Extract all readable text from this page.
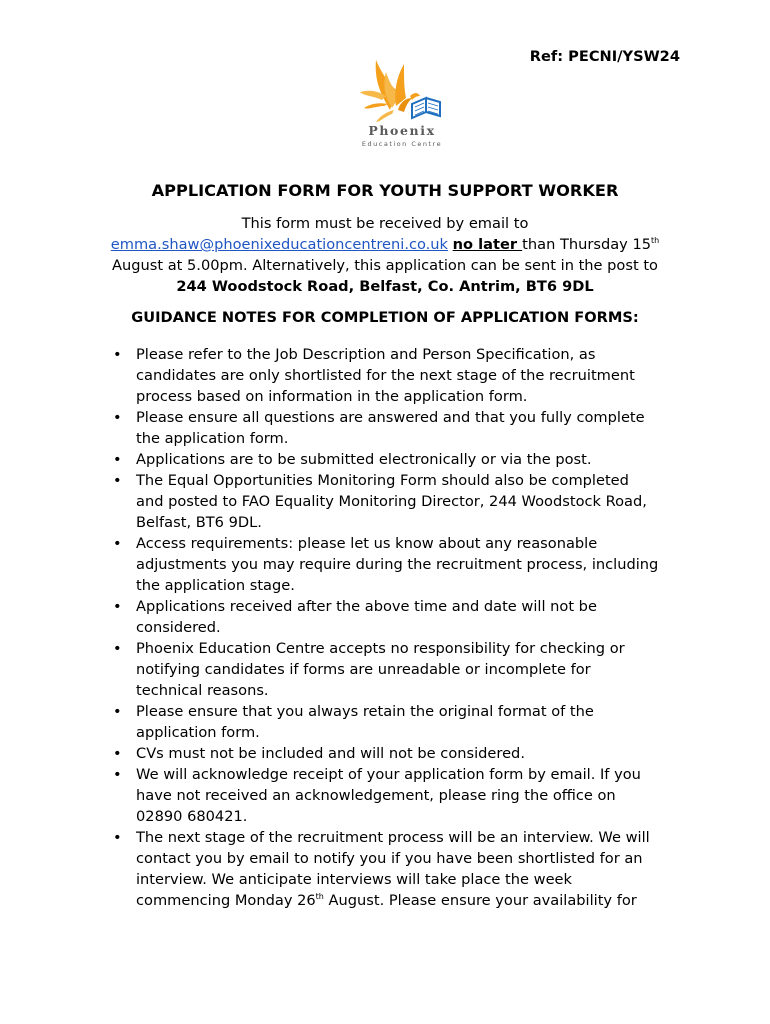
Ref: PECNI/YSW24
Phoenix
Education Centre
APPLICATION FORM FOR YOUTH SUPPORT WORKER
This form must be received by email to
emma.shaw@phoenixeducationcentreni.co.uk no later than Thursday 15th
August at 5.00pm. Alternatively, this application can be sent in the post to
244 Woodstock Road, Belfast, Co. Antrim, BT6 9DL
GUIDANCE NOTES FOR COMPLETION OF APPLICATION FORMS:
• Please refer to the Job Description and Person Specification, as
candidates are only shortlisted for the next stage of the recruitment
process based on information in the application form.
• Please ensure all questions are answered and that you fully complete
the application form.
• Applications are to be submitted electronically or via the post.
• The Equal Opportunities Monitoring Form should also be completed
and posted to FAO Equality Monitoring Director, 244 Woodstock Road,
Belfast, BT6 9DL.
• Access requirements: please let us know about any reasonable
adjustments you may require during the recruitment process, including
the application stage.
• Applications received after the above time and date will not be
considered.
• Phoenix Education Centre accepts no responsibility for checking or
notifying candidates if forms are unreadable or incomplete for
technical reasons.
• Please ensure that you always retain the original format of the
application form.
• CVs must not be included and will not be considered.
• We will acknowledge receipt of your application form by email. If you
have not received an acknowledgement, please ring the office on
02890 680421.
• The next stage of the recruitment process will be an interview. We will
contact you by email to notify you if you have been shortlisted for an
interview. We anticipate interviews will take place the week
commencing Monday 26th August. Please ensure your availability for
